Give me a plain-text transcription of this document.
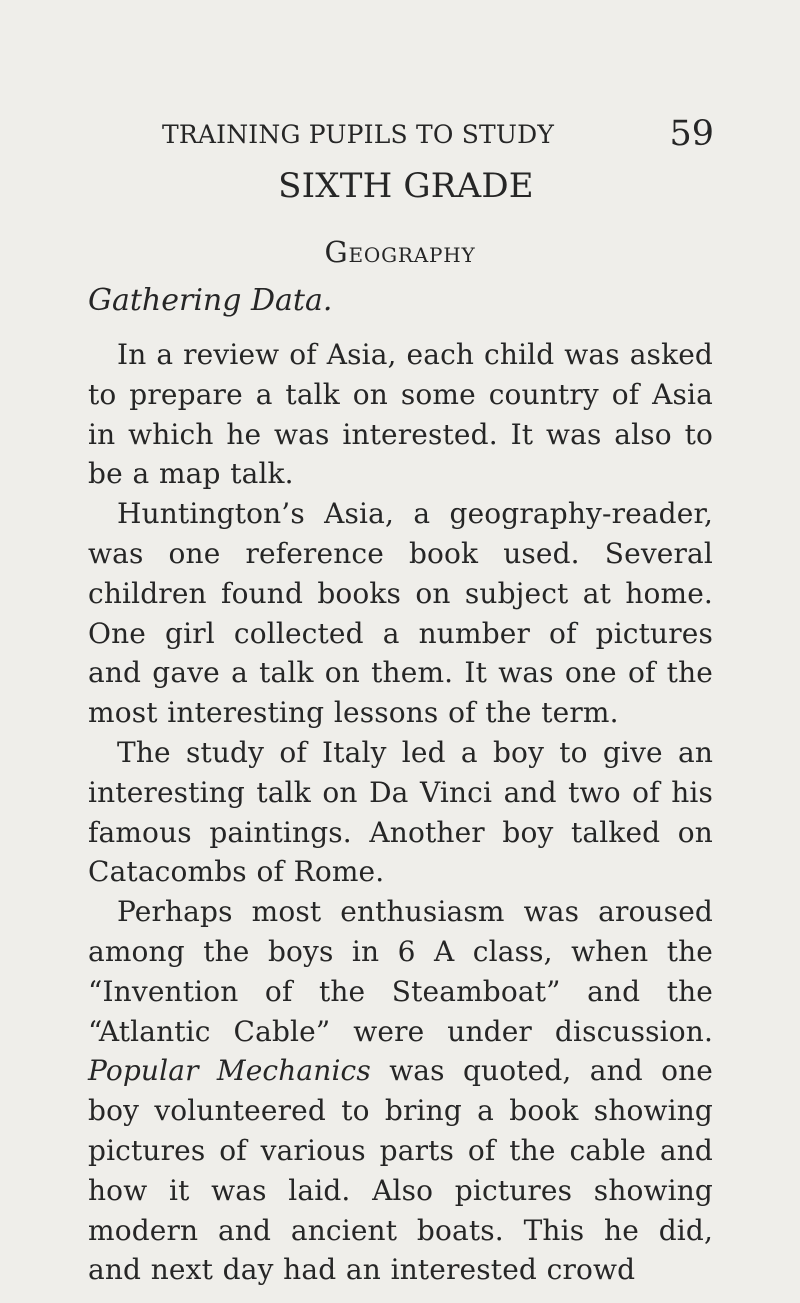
TRAINING PUPILS TO STUDY	59
SIXTH GRADE
Geography
Gathering Data.

In a review of Asia, each child was asked to prepare a talk on some country of Asia in which he was interested. It was also to be a map talk.

Huntington’s Asia, a geography-reader, was one reference book used. Several children found books on subject at home. One girl collected a number of pictures and gave a talk on them. It was one of the most interesting lessons of the term.

The study of Italy led a boy to give an interesting talk on Da Vinci and two of his famous paintings. Another boy talked on Catacombs of Rome.

Perhaps most enthusiasm was aroused among the boys in 6 A class, when the “Invention of the Steamboat” and the “Atlantic Cable” were under discussion. Popular Mechanics was quoted, and one boy volunteered to bring a book showing pictures of various parts of the cable and how it was laid. Also pictures showing modern and ancient boats. This he did, and next day had an interested crowd
